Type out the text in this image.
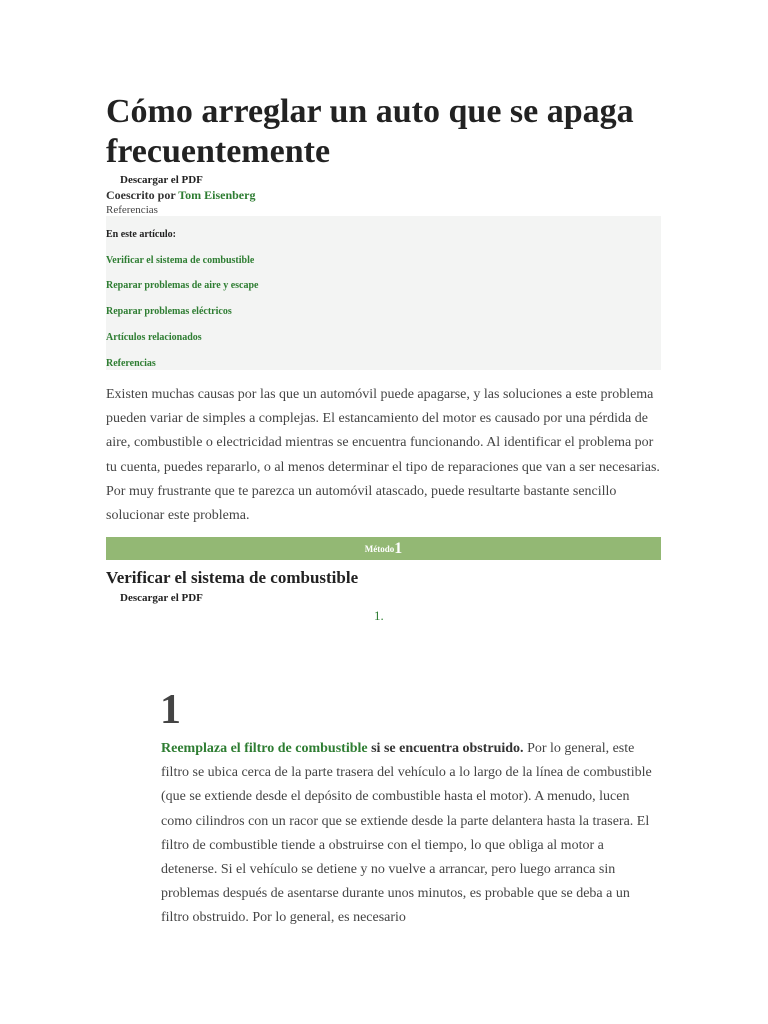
Cómo arreglar un auto que se apaga frecuentemente
Descargar el PDF
Coescrito por Tom Eisenberg
Referencias
En este artículo:
Verificar el sistema de combustible
Reparar problemas de aire y escape
Reparar problemas eléctricos
Artículos relacionados
Referencias

Existen muchas causas por las que un automóvil puede apagarse, y las soluciones a este problema pueden variar de simples a complejas. El estancamiento del motor es causado por una pérdida de aire, combustible o electricidad mientras se encuentra funcionando. Al identificar el problema por tu cuenta, puedes repararlo, o al menos determinar el tipo de reparaciones que van a ser necesarias. Por muy frustrante que te parezca un automóvil atascado, puede resultarte bastante sencillo solucionar este problema.

Método1
Verificar el sistema de combustible
Descargar el PDF
1.
1

Reemplaza el filtro de combustible si se encuentra obstruido. Por lo general, este filtro se ubica cerca de la parte trasera del vehículo a lo largo de la línea de combustible (que se extiende desde el depósito de combustible hasta el motor). A menudo, lucen como cilindros con un racor que se extiende desde la parte delantera hasta la trasera. El filtro de combustible tiende a obstruirse con el tiempo, lo que obliga al motor a detenerse. Si el vehículo se detiene y no vuelve a arrancar, pero luego arranca sin problemas después de asentarse durante unos minutos, es probable que se deba a un filtro obstruido. Por lo general, es necesario
